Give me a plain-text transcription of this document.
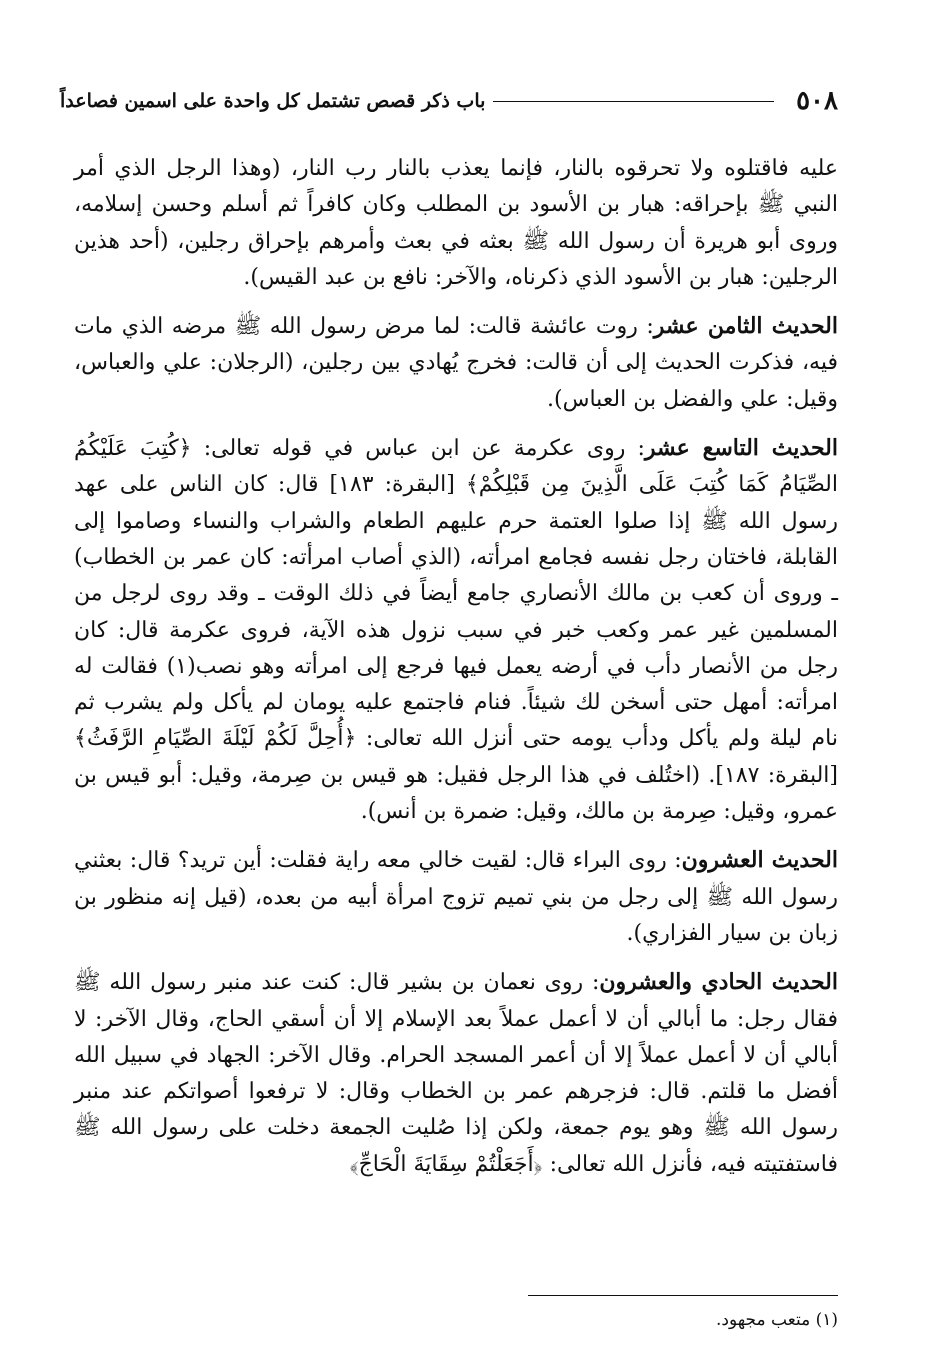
٥٠٨
باب ذكر قصص تشتمل كل واحدة على اسمين فصاعداً

عليه فاقتلوه ولا تحرقوه بالنار، فإنما يعذب بالنار رب النار، (وهذا الرجل الذي أمر النبي ﷺ بإحراقه: هبار بن الأسود بن المطلب وكان كافراً ثم أسلم وحسن إسلامه، وروى أبو هريرة أن رسول الله ﷺ بعثه في بعث وأمرهم بإحراق رجلين، (أحد هذين الرجلين: هبار بن الأسود الذي ذكرناه، والآخر: نافع بن عبد القيس).

الحديث الثامن عشر: روت عائشة قالت: لما مرض رسول الله ﷺ مرضه الذي مات فيه، فذكرت الحديث إلى أن قالت: فخرج يُهادي بين رجلين، (الرجلان: علي والعباس، وقيل: علي والفضل بن العباس).

الحديث التاسع عشر: روى عكرمة عن ابن عباس في قوله تعالى: ﴿كُتِبَ عَلَيْكُمُ الصِّيَامُ كَمَا كُتِبَ عَلَى الَّذِينَ مِن قَبْلِكُمْ﴾ [البقرة: ١٨٣] قال: كان الناس على عهد رسول الله ﷺ إذا صلوا العتمة حرم عليهم الطعام والشراب والنساء وصاموا إلى القابلة، فاختان رجل نفسه فجامع امرأته، (الذي أصاب امرأته: كان عمر بن الخطاب) ـ وروى أن كعب بن مالك الأنصاري جامع أيضاً في ذلك الوقت ـ وقد روى لرجل من المسلمين غير عمر وكعب خبر في سبب نزول هذه الآية، فروى عكرمة قال: كان رجل من الأنصار دأب في أرضه يعمل فيها فرجع إلى امرأته وهو نصب(١) فقالت له امرأته: أمهل حتى أسخن لك شيئاً. فنام فاجتمع عليه يومان لم يأكل ولم يشرب ثم نام ليلة ولم يأكل ودأب يومه حتى أنزل الله تعالى: ﴿أُحِلَّ لَكُمْ لَيْلَةَ الصِّيَامِ الرَّفَثُ﴾ [البقرة: ١٨٧]. (اختُلف في هذا الرجل فقيل: هو قيس بن صِرمة، وقيل: أبو قيس بن عمرو، وقيل: صِرمة بن مالك، وقيل: ضمرة بن أنس).

الحديث العشرون: روى البراء قال: لقيت خالي معه راية فقلت: أين تريد؟ قال: بعثني رسول الله ﷺ إلى رجل من بني تميم تزوج امرأة أبيه من بعده، (قيل إنه منظور بن زبان بن سيار الفزاري).

الحديث الحادي والعشرون: روى نعمان بن بشير قال: كنت عند منبر رسول الله ﷺ فقال رجل: ما أبالي أن لا أعمل عملاً بعد الإسلام إلا أن أسقي الحاج، وقال الآخر: لا أبالي أن لا أعمل عملاً إلا أن أعمر المسجد الحرام. وقال الآخر: الجهاد في سبيل الله أفضل ما قلتم. قال: فزجرهم عمر بن الخطاب وقال: لا ترفعوا أصواتكم عند منبر رسول الله ﷺ وهو يوم جمعة، ولكن إذا صُليت الجمعة دخلت على رسول الله ﷺ فاستفتيته فيه، فأنزل الله تعالى: ﴿أَجَعَلْتُمْ سِقَايَةَ الْحَاجِّ﴾

(١) متعب مجهود.
